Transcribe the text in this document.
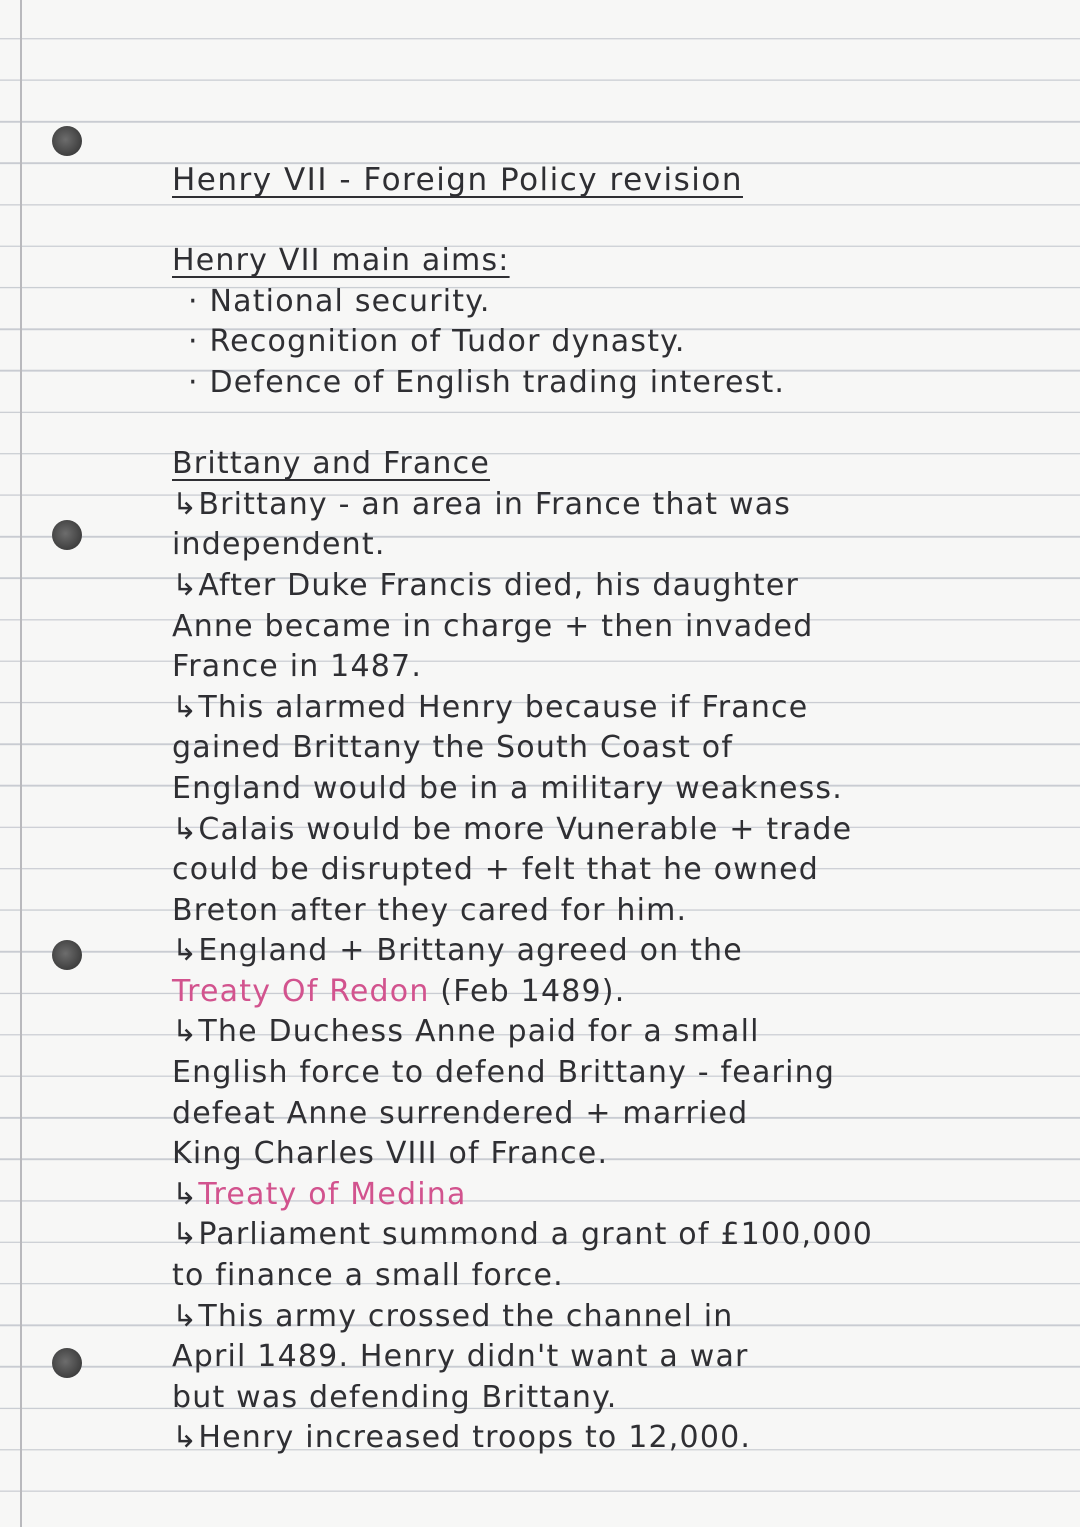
Henry VII - Foreign Policy revision
Henry VII main aims:
· National security.
· Recognition of Tudor dynasty.
· Defence of English trading interest.
Brittany and France
↳Brittany - an area in France that was
independent.
↳After Duke Francis died, his daughter
Anne became in charge + then invaded
France in 1487.
↳This alarmed Henry because if France
gained Brittany the South Coast of
England would be in a military weakness.
↳Calais would be more Vunerable + trade
could be disrupted + felt that he owned
Breton after they cared for him.
↳England + Brittany agreed on the
Treaty Of Redon (Feb 1489).
↳The Duchess Anne paid for a small
English force to defend Brittany - fearing
defeat Anne surrendered + married
King Charles VIII of France.
↳Treaty of Medina
↳Parliament summond a grant of £100,000
to finance a small force.
↳This army crossed the channel in
April 1489. Henry didn't want a war
but was defending Brittany.
↳Henry increased troops to 12,000.
